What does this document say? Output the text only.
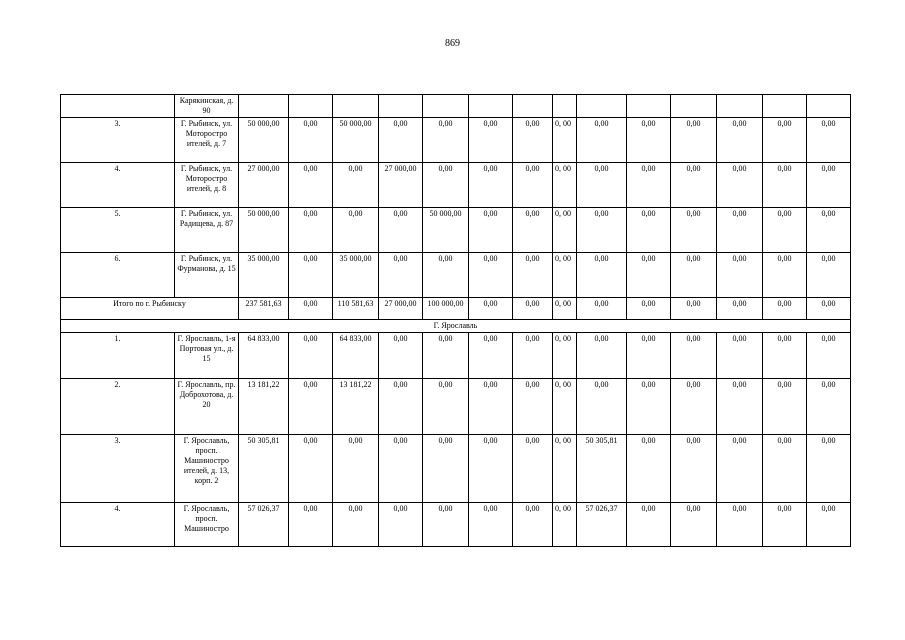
869
	Карякинская, д. 90														
3.	Г. Рыбинск, ул. Моторостро ителей, д. 7	50 000,00	0,00	50 000,00	0,00	0,00	0,00	0,00	0, 00	0,00	0,00	0,00	0,00	0,00	0,00
4.	Г. Рыбинск, ул. Моторостро ителей, д. 8	27 000,00	0,00	0,00	27 000,00	0,00	0,00	0,00	0, 00	0,00	0,00	0,00	0,00	0,00	0,00
5.	Г. Рыбинск, ул. Радищева, д. 87	50 000,00	0,00	0,00	0,00	50 000,00	0,00	0,00	0, 00	0,00	0,00	0,00	0,00	0,00	0,00
6.	Г. Рыбинск, ул. Фурманова, д. 15	35 000,00	0,00	35 000,00	0,00	0,00	0,00	0,00	0, 00	0,00	0,00	0,00	0,00	0,00	0,00
Итого по г. Рыбинску		237 581,63	0,00	110 581,63	27 000,00	100 000,00	0,00	0,00	0, 00	0,00	0,00	0,00	0,00	0,00	0,00
Г. Ярославль															
1.	Г. Ярославль, 1-я Портовая ул., д. 15	64 833,00	0,00	64 833,00	0,00	0,00	0,00	0,00	0, 00	0,00	0,00	0,00	0,00	0,00	0,00
2.	Г. Ярославль, пр. Доброхотова, д. 20	13 181,22	0,00	13 181,22	0,00	0,00	0,00	0,00	0, 00	0,00	0,00	0,00	0,00	0,00	0,00
3.	Г. Ярославль, просп. Машиностро ителей, д. 13, корп. 2	50 305,81	0,00	0,00	0,00	0,00	0,00	0,00	0, 00	50 305,81	0,00	0,00	0,00	0,00	0,00
4.	Г. Ярославль, просп. Машиностро	57 026,37	0,00	0,00	0,00	0,00	0,00	0,00	0, 00	57 026,37	0,00	0,00	0,00	0,00	0,00
